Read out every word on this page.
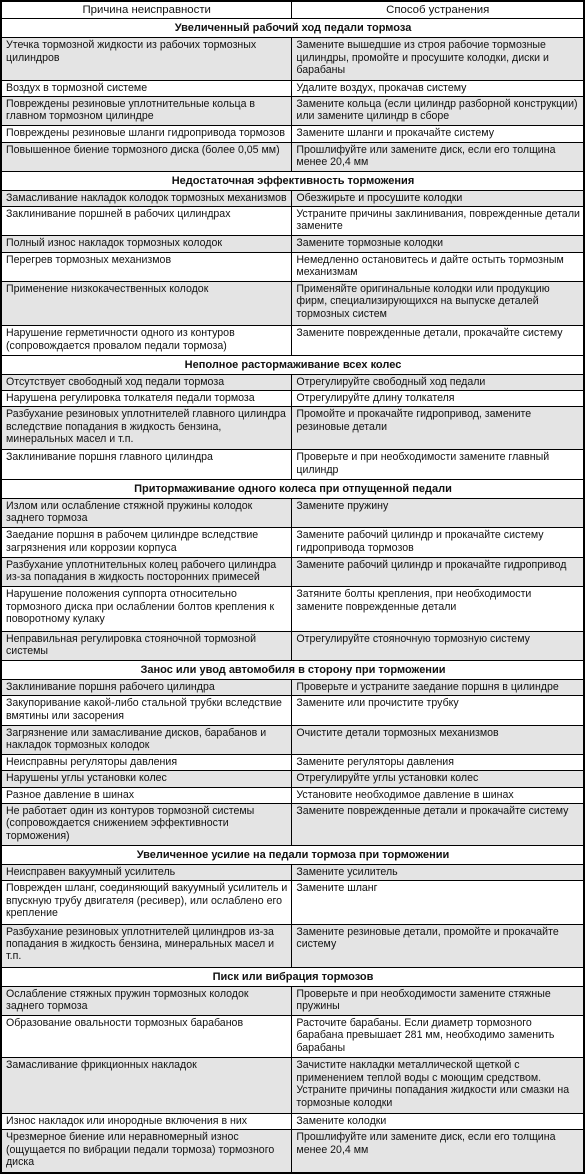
Причина неисправности	Способ устранения
Увеличенный рабочий ход педали тормоза	
Утечка тормозной жидкости из рабочих тормозных цилиндров	Замените вышедшие из строя рабочие тормозные цилиндры, промойте и просушите колодки, диски и барабаны
Воздух в тормозной системе	Удалите воздух, прокачав систему
Повреждены резиновые уплотнительные кольца в главном тормозном цилиндре	Замените кольца (если цилиндр разборной конструкции) или замените цилиндр в сборе
Повреждены резиновые шланги гидропривода тормозов	Замените шланги и прокачайте систему
Повышенное биение тормозного диска (более 0,05 мм)	Прошлифуйте или замените диск, если его толщина менее 20,4 мм
Недостаточная эффективность торможения	
Замасливание накладок колодок тормозных механизмов	Обезжирьте и просушите колодки
Заклинивание поршней в рабочих цилиндрах	Устраните причины заклинивания, поврежденные детали замените
Полный износ накладок тормозных колодок	Замените тормозные колодки
Перегрев тормозных механизмов	Немедленно остановитесь и дайте остыть тормозным механизмам
Применение низкокачественных колодок	Применяйте оригинальные колодки или продукцию фирм, специализирующихся на выпуске деталей тормозных систем
Нарушение герметичности одного из контуров (сопровождается провалом педали тормоза)	Замените поврежденные детали, прокачайте систему
Неполное растормаживание всех колес	
Отсутствует свободный ход педали тормоза	Отрегулируйте свободный ход педали
Нарушена регулировка толкателя педали тормоза	Отрегулируйте длину толкателя
Разбухание резиновых уплотнителей главного цилиндра вследствие попадания в жидкость бензина, минеральных масел и т.п.	Промойте и прокачайте гидропривод, замените резиновые детали
Заклинивание поршня главного цилиндра	Проверьте и при необходимости замените главный цилиндр
Притормаживание одного колеса при отпущенной педали	
Излом или ослабление стяжной пружины колодок заднего тормоза	Замените пружину
Заедание поршня в рабочем цилиндре вследствие загрязнения или коррозии корпуса	Замените рабочий цилиндр и прокачайте систему гидропривода тормозов
Разбухание уплотнительных колец рабочего цилиндра из-за попадания в жидкость посторонних примесей	Замените рабочий цилиндр и прокачайте гидропривод
Нарушение положения суппорта относительно тормозного диска при ослаблении болтов крепления к поворотному кулаку	Затяните болты крепления, при необходимости замените поврежденные детали
Неправильная регулировка стояночной тормозной системы	Отрегулируйте стояночную тормозную систему
Занос или увод автомобиля в сторону при торможении	
Заклинивание поршня рабочего цилиндра	Проверьте и устраните заедание поршня в цилиндре
Закупоривание какой-либо стальной трубки вследствие вмятины или засорения	Замените или прочистите трубку
Загрязнение или замасливание дисков, барабанов и накладок тормозных колодок	Очистите детали тормозных механизмов
Неисправны регуляторы давления	Замените регуляторы давления
Нарушены углы установки колес	Отрегулируйте углы установки колес
Разное давление в шинах	Установите необходимое давление в шинах
Не работает один из контуров тормозной системы (сопровождается снижением эффективности торможения)	Замените поврежденные детали и прокачайте систему
Увеличенное усилие на педали тормоза при торможении	
Неисправен вакуумный усилитель	Замените усилитель
Поврежден шланг, соединяющий вакуумный усилитель и впускную трубу двигателя (ресивер), или ослаблено его крепление	Замените шланг
Разбухание резиновых уплотнителей цилиндров из-за попадания в жидкость бензина, минеральных масел и т.п.	Замените резиновые детали, промойте и прокачайте систему
Писк или вибрация тормозов	
Ослабление стяжных пружин тормозных колодок заднего тормоза	Проверьте и при необходимости замените стяжные пружины
Образование овальности тормозных барабанов	Расточите барабаны. Если диаметр тормозного барабана превышает 281 мм, необходимо заменить барабаны
Замасливание фрикционных накладок	Зачистите накладки металлической щеткой с применением теплой воды с моющим средством. Устраните причины попадания жидкости или смазки на тормозные колодки
Износ накладок или инородные включения в них	Замените колодки
Чрезмерное биение или неравномерный износ (ощущается по вибрации педали тормоза) тормозного диска	Прошлифуйте или замените диск, если его толщина менее 20,4 мм
